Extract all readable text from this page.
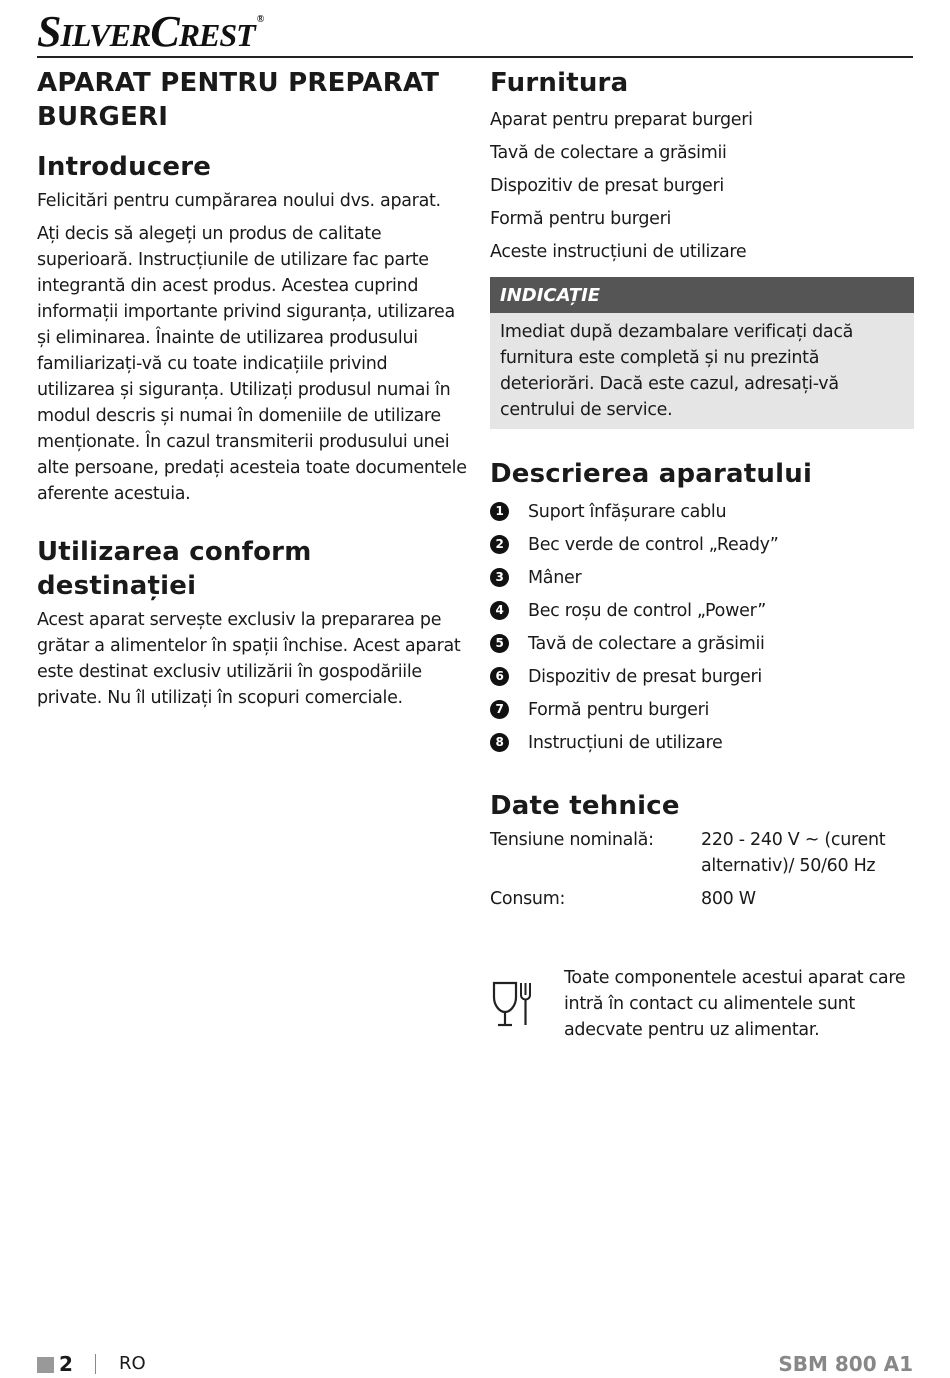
SILVERCREST ®
APARAT PENTRU PREPARAT BURGERI
Introducere

Felicitări pentru cumpărarea noului dvs. aparat.

Ați decis să alegeți un produs de calitate superioară. Instrucțiunile de utilizare fac parte integrantă din acest produs. Acestea cuprind informații importante privind siguranța, utilizarea și eliminarea. Înainte de utilizarea produsului familiarizați-vă cu toate indicațiile privind utilizarea și siguranța. Utilizați produsul numai în modul descris și numai în domeniile de utilizare menționate. În cazul transmiterii produsului unei alte persoane, predați acesteia toate documentele aferente acestuia.

Utilizarea conform destinației

Acest aparat servește exclusiv la prepararea pe grătar a alimentelor în spații închise. Acest aparat este destinat exclusiv utilizării în gospodăriile private. Nu îl utilizați în scopuri comerciale.

Furnitura
Aparat pentru preparat burgeri
Tavă de colectare a grăsimii
Dispozitiv de presat burgeri
Formă pentru burgeri
Aceste instrucțiuni de utilizare
INDICAȚIE
Imediat după dezambalare verificați dacă furnitura este completă și nu prezintă deteriorări. Dacă este cazul, adresați-vă centrului de service.
Descrierea aparatului
1	Suport înfășurare cablu
2	Bec verde de control „Ready”
3	Mâner
4	Bec roșu de control „Power”
5	Tavă de colectare a grăsimii
6	Dispozitiv de presat burgeri
7	Formă pentru burgeri
8	Instrucțiuni de utilizare
Date tehnice
Tensiune nominală:	220 - 240 V ~ (curent alternativ)/ 50/60 Hz
Consum:	800 W

Toate componentele acestui aparat care intră în contact cu alimentele sunt adecvate pentru uz alimentar.

2	RO	SBM 800 A1
